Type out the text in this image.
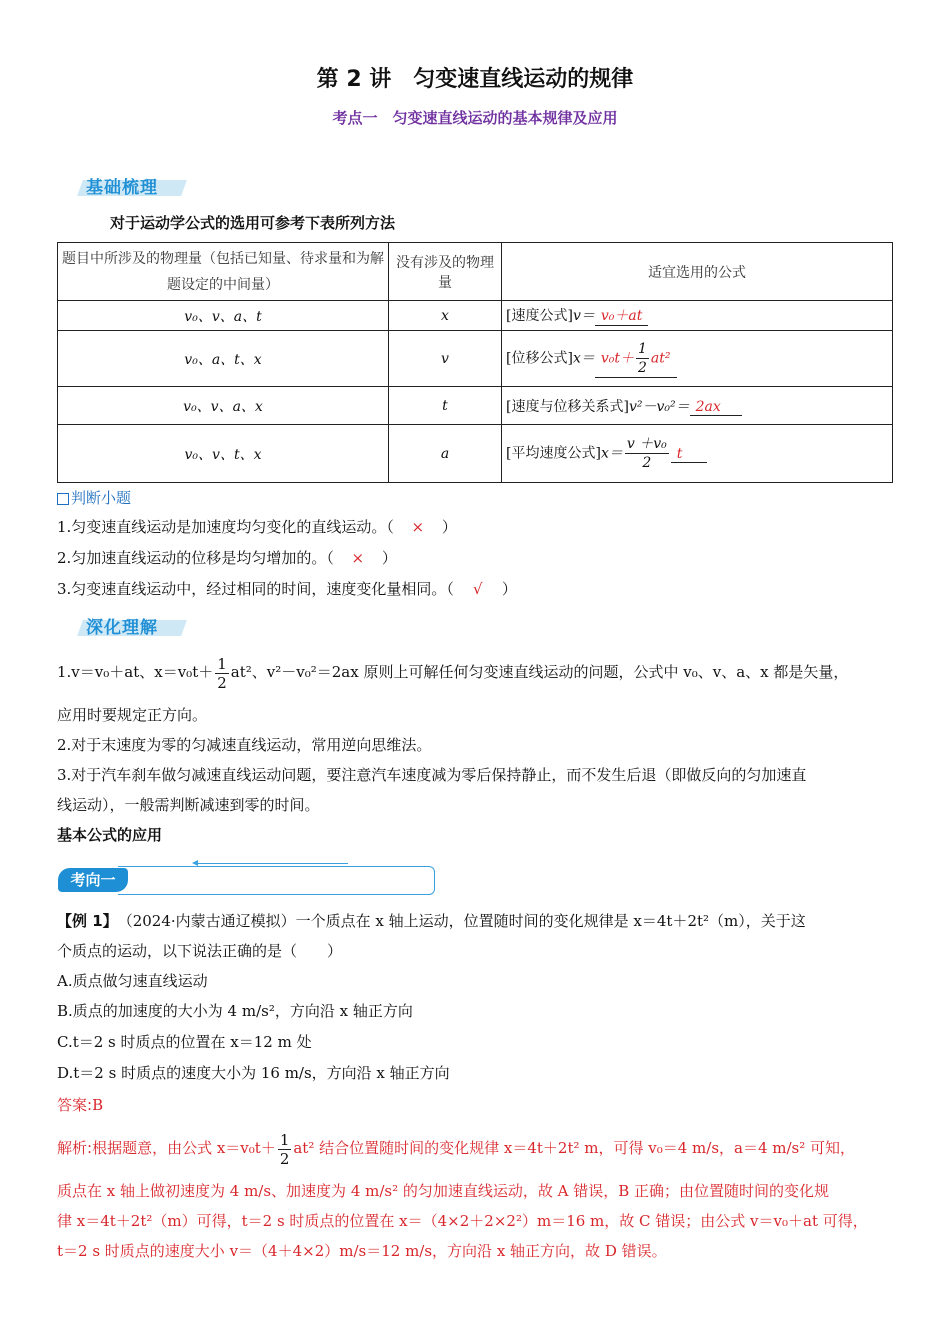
第 2 讲　匀变速直线运动的规律
考点一　匀变速直线运动的基本规律及应用
基础梳理
对于运动学公式的选用可参考下表所列方法
题目中所涉及的物理量（包括已知量、待求量和为解题设定的中间量）	没有涉及的物理量	适宜选用的公式
v₀、v、a、t	x	[速度公式]v＝ v₀＋at
v₀、a、t、x	v	[位移公式]$x= v_0t+ \frac{1}{2} at^2$
v₀、v、a、x	t	[速度与位移关系式]v²－v₀²＝ 2ax
v₀、v、t、x	a	[平均速度公式]$x= \frac{\text{v ＋v₀}}{2}$ t
判断小题
1.匀变速直线运动是加速度均匀变化的直线运动。（ × ）
2.匀加速直线运动的位移是均匀增加的。（ × ）
3.匀变速直线运动中，经过相同的时间，速度变化量相同。（ √ ）
深化理解
1.v＝v₀＋at、$x=v_0t+ \frac{1}{2} at^2$、v²－v₀²＝2ax 原则上可解任何匀变速直线运动的问题，公式中 v₀、v、a、x 都是矢量，
应用时要规定正方向。
2.对于末速度为零的匀减速直线运动，常用逆向思维法。
3.对于汽车刹车做匀减速直线运动问题，要注意汽车速度减为零后保持静止，而不发生后退（即做反向的匀加速直
线运动），一般需判断减速到零的时间。
基本公式的应用
考向一
【例 1】　 （2024·内蒙古通辽模拟）一个质点在 x 轴上运动，位置随时间的变化规律是 x＝4t＋2t²（m），关于这
个质点的运动，以下说法正确的是（　　）
A.质点做匀速直线运动
B.质点的加速度的大小为 4 m/s²，方向沿 x 轴正方向
C.t＝2 s 时质点的位置在 x＝12 m 处
D.t＝2 s 时质点的速度大小为 16 m/s，方向沿 x 轴正方向
答案:B
解析:根据题意，由公式 $x=v_0t+ \frac{1}{2} at^2$ 结合位置随时间的变化规律 x＝4t＋2t² m，可得 v₀＝4 m/s，a＝4 m/s² 可知，
质点在 x 轴上做初速度为 4 m/s、加速度为 4 m/s² 的匀加速直线运动，故 A 错误，B 正确；由位置随时间的变化规
律 x＝4t＋2t²（m）可得，t＝2 s 时质点的位置在 x＝（4×2＋2×2²）m＝16 m，故 C 错误；由公式 v＝v₀＋at 可得，
t＝2 s 时质点的速度大小 v＝（4＋4×2）m/s＝12 m/s，方向沿 x 轴正方向，故 D 错误。
